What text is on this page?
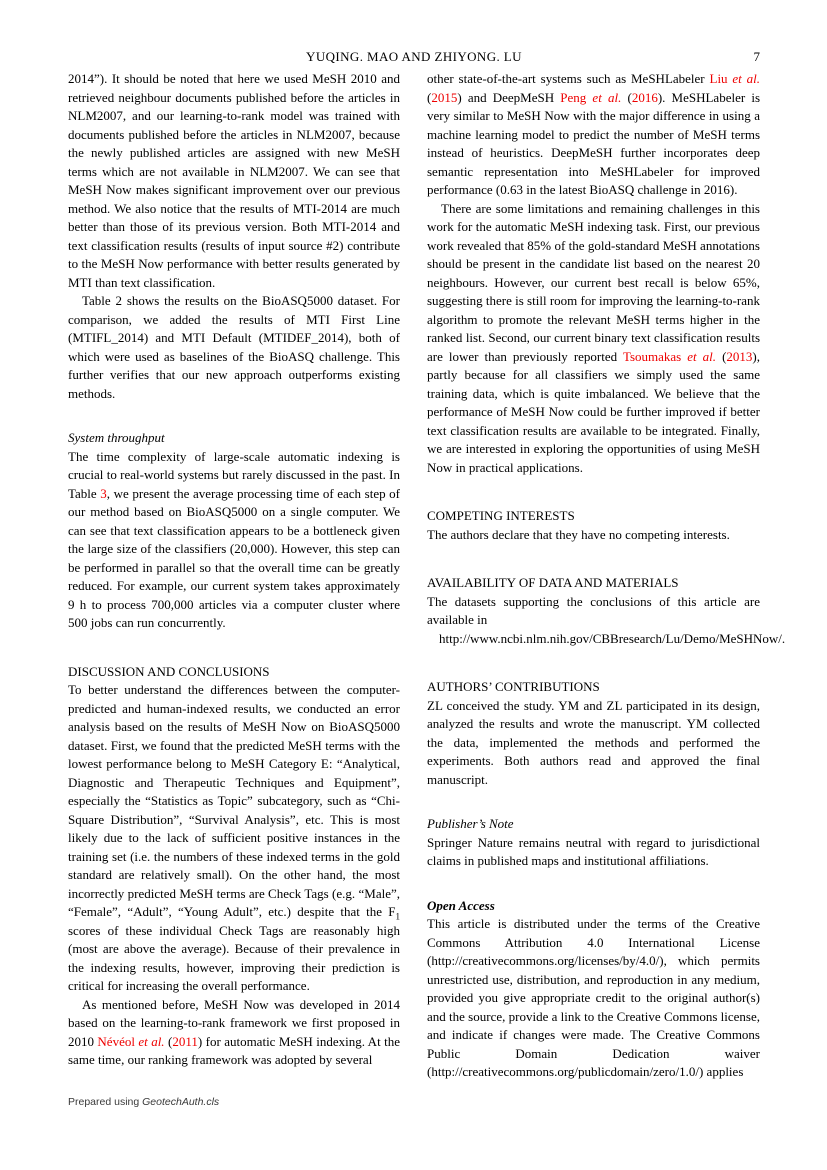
YUQING. MAO AND ZHIYONG. LU	7
2014”). It should be noted that here we used MeSH 2010 and retrieved neighbour documents published before the articles in NLM2007, and our learning-to-rank model was trained with documents published before the articles in NLM2007, because the newly published articles are assigned with new MeSH terms which are not available in NLM2007. We can see that MeSH Now makes significant improvement over our previous method. We also notice that the results of MTI-2014 are much better than those of its previous version. Both MTI-2014 and text classification results (results of input source #2) contribute to the MeSH Now performance with better results generated by MTI than text classification.
Table 2 shows the results on the BioASQ5000 dataset. For comparison, we added the results of MTI First Line (MTIFL_2014) and MTI Default (MTIDEF_2014), both of which were used as baselines of the BioASQ challenge. This further verifies that our new approach outperforms existing methods.
System throughput
The time complexity of large-scale automatic indexing is crucial to real-world systems but rarely discussed in the past. In Table 3, we present the average processing time of each step of our method based on BioASQ5000 on a single computer. We can see that text classification appears to be a bottleneck given the large size of the classifiers (20,000). However, this step can be performed in parallel so that the overall time can be greatly reduced. For example, our current system takes approximately 9 h to process 700,000 articles via a computer cluster where 500 jobs can run concurrently.
DISCUSSION AND CONCLUSIONS
To better understand the differences between the computer-predicted and human-indexed results, we conducted an error analysis based on the results of MeSH Now on BioASQ5000 dataset. First, we found that the predicted MeSH terms with the lowest performance belong to MeSH Category E: “Analytical, Diagnostic and Therapeutic Techniques and Equipment”, especially the “Statistics as Topic” subcategory, such as “Chi-Square Distribution”, “Survival Analysis”, etc. This is most likely due to the lack of sufficient positive instances in the training set (i.e. the numbers of these indexed terms in the gold standard are relatively small). On the other hand, the most incorrectly predicted MeSH terms are Check Tags (e.g. “Male”, “Female”, “Adult”, “Young Adult”, etc.) despite that the $F_1$ scores of these individual Check Tags are reasonably high (most are above the average). Because of their prevalence in the indexing results, however, improving their prediction is critical for increasing the overall performance.
As mentioned before, MeSH Now was developed in 2014 based on the learning-to-rank framework we first proposed in 2010 Névéol et al. (2011) for automatic MeSH indexing. At the same time, our ranking framework was adopted by several
other state-of-the-art systems such as MeSHLabeler Liu et al. (2015) and DeepMeSH Peng et al. (2016). MeSHLabeler is very similar to MeSH Now with the major difference in using a machine learning model to predict the number of MeSH terms instead of heuristics. DeepMeSH further incorporates deep semantic representation into MeSHLabeler for improved performance (0.63 in the latest BioASQ challenge in 2016).
There are some limitations and remaining challenges in this work for the automatic MeSH indexing task. First, our previous work revealed that 85% of the gold-standard MeSH annotations should be present in the candidate list based on the nearest 20 neighbours. However, our current best recall is below 65%, suggesting there is still room for improving the learning-to-rank algorithm to promote the relevant MeSH terms higher in the ranked list. Second, our current binary text classification results are lower than previously reported Tsoumakas et al. (2013), partly because for all classifiers we simply used the same training data, which is quite imbalanced. We believe that the performance of MeSH Now could be further improved if better text classification results are available to be integrated. Finally, we are interested in exploring the opportunities of using MeSH Now in practical applications.
COMPETING INTERESTS
The authors declare that they have no competing interests.
AVAILABILITY OF DATA AND MATERIALS
The datasets supporting the conclusions of this article are available in
http://www.ncbi.nlm.nih.gov/CBBresearch/Lu/Demo/MeSHNow/.
AUTHORS’ CONTRIBUTIONS
ZL conceived the study. YM and ZL participated in its design, analyzed the results and wrote the manuscript. YM collected the data, implemented the methods and performed the experiments. Both authors read and approved the final manuscript.
Publisher’s Note
Springer Nature remains neutral with regard to jurisdictional claims in published maps and institutional affiliations.
Open Access
This article is distributed under the terms of the Creative Commons Attribution 4.0 International License (http://creativecommons.org/licenses/by/4.0/), which permits unrestricted use, distribution, and reproduction in any medium, provided you give appropriate credit to the original author(s) and the source, provide a link to the Creative Commons license, and indicate if changes were made. The Creative Commons Public Domain Dedication waiver (http://creativecommons.org/publicdomain/zero/1.0/) applies
Prepared using GeotechAuth.cls
